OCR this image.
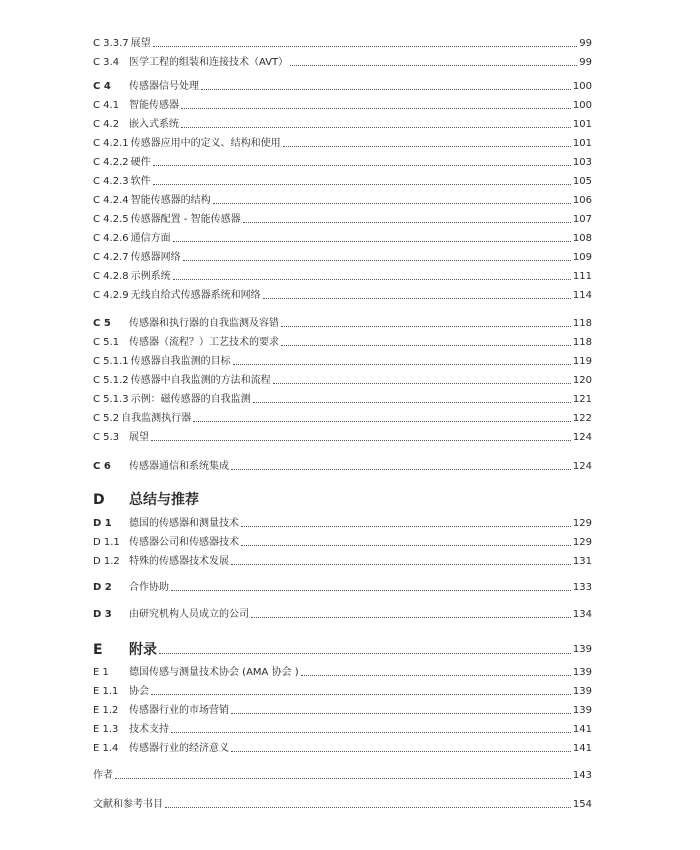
C 3.3.7 展望	99
C 3.4 医学工程的组装和连接技术（AVT）	99
C 4	传感器信号处理	100
C 4.1 智能传感器	100
C 4.2 嵌入式系统	101
C 4.2.1 传感器应用中的定义、结构和使用	101
C 4.2.2 硬件	103
C 4.2.3 软件	105
C 4.2.4 智能传感器的结构	106
C 4.2.5 传感器配置 - 智能传感器	107
C 4.2.6 通信方面	108
C 4.2.7 传感器网络	109
C 4.2.8 示例系统	111
C 4.2.9 无线自给式传感器系统和网络	114
C 5	传感器和执行器的自我监测及容错	118
C 5.1 传感器（流程？）工艺技术的要求	118
C 5.1.1 传感器自我监测的目标	119
C 5.1.2 传感器中自我监测的方法和流程	120
C 5.1.3 示例：磁传感器的自我监测	121
C 5.2 自我监测执行器	122
C 5.3 展望	124
C 6	传感器通信和系统集成	124
D	总结与推荐
D 1	德国的传感器和测量技术	129
D 1.1 传感器公司和传感器技术	129
D 1.2 特殊的传感器技术发展	131
D 2	合作协助	133
D 3	由研究机构人员成立的公司	134
E	附录	139
E 1	德国传感与测量技术协会 (AMA 协会 )	139
E 1.1	协会	139
E 1.2	传感器行业的市场营销	139
E 1.3	技术支持	141
E 1.4	传感器行业的经济意义	141
作者	143
文献和参考书目	154
